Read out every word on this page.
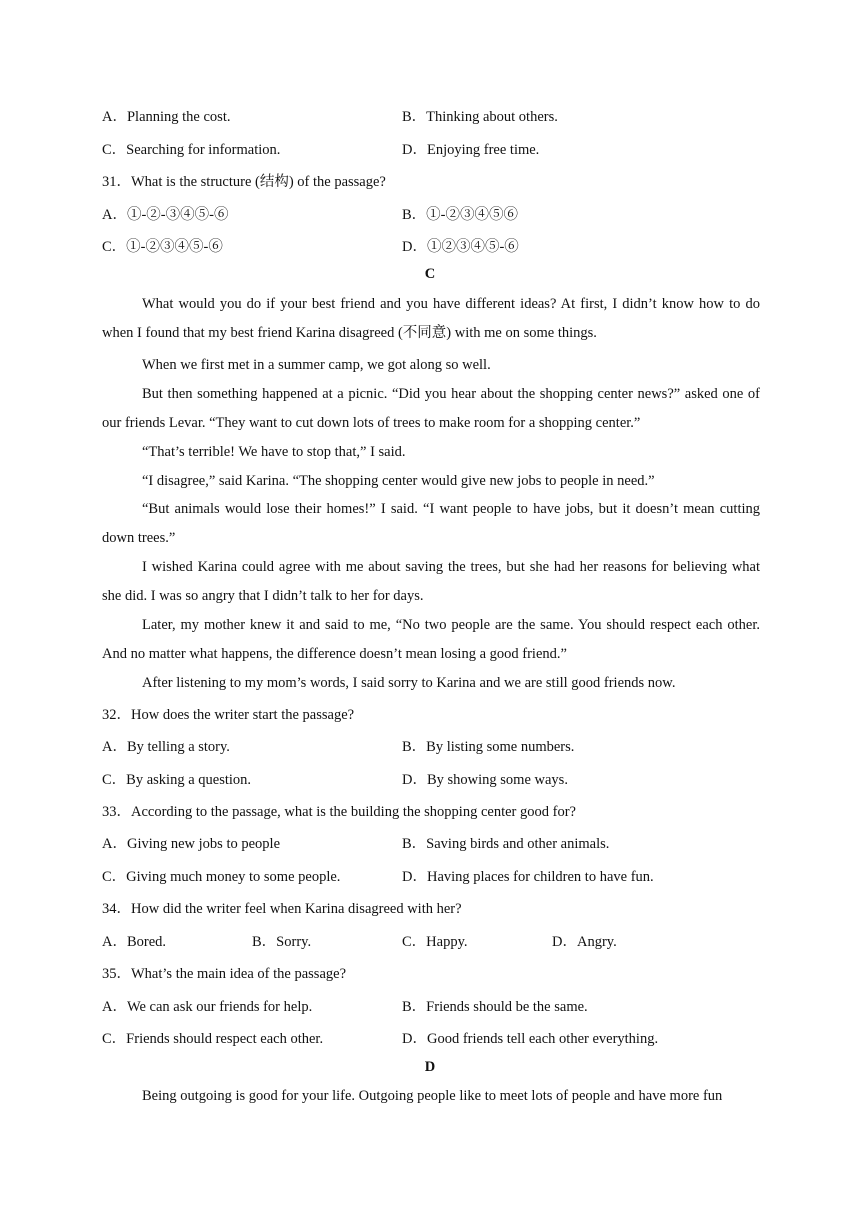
A．Planning the cost.	B．Thinking about others.
C．Searching for information.	D．Enjoying free time.
31．What is the structure (结构) of the passage?
A．①-②-③④⑤-⑥	B．①-②③④⑤⑥
C．①-②③④⑤-⑥	D．①②③④⑤-⑥
C
What would you do if your best friend and you have different ideas? At first, I didn’t know how to do when I found that my best friend Karina disagreed (不同意) with me on some things.
When we first met in a summer camp, we got along so well.
But then something happened at a picnic. “Did you hear about the shopping center news?” asked one of our friends Levar. “They want to cut down lots of trees to make room for a shopping center.”
“That’s terrible! We have to stop that,” I said.
“I disagree,” said Karina. “The shopping center would give new jobs to people in need.”
“But animals would lose their homes!” I said. “I want people to have jobs, but it doesn’t mean cutting down trees.”
I wished Karina could agree with me about saving the trees, but she had her reasons for believing what she did. I was so angry that I didn’t talk to her for days.
Later, my mother knew it and said to me, “No two people are the same. You should respect each other. And no matter what happens, the difference doesn’t mean losing a good friend.”
After listening to my mom’s words, I said sorry to Karina and we are still good friends now.
32．How does the writer start the passage?
A．By telling a story.	B．By listing some numbers.
C．By asking a question.	D．By showing some ways.
33．According to the passage, what is the building the shopping center good for?
A．Giving new jobs to people	B．Saving birds and other animals.
C．Giving much money to some people.	D．Having places for children to have fun.
34．How did the writer feel when Karina disagreed with her?
A．Bored.	B．Sorry.	C．Happy.	D．Angry.
35．What’s the main idea of the passage?
A．We can ask our friends for help.	B．Friends should be the same.
C．Friends should respect each other.	D．Good friends tell each other everything.
D
Being outgoing is good for your life. Outgoing people like to meet lots of people and have more fun
